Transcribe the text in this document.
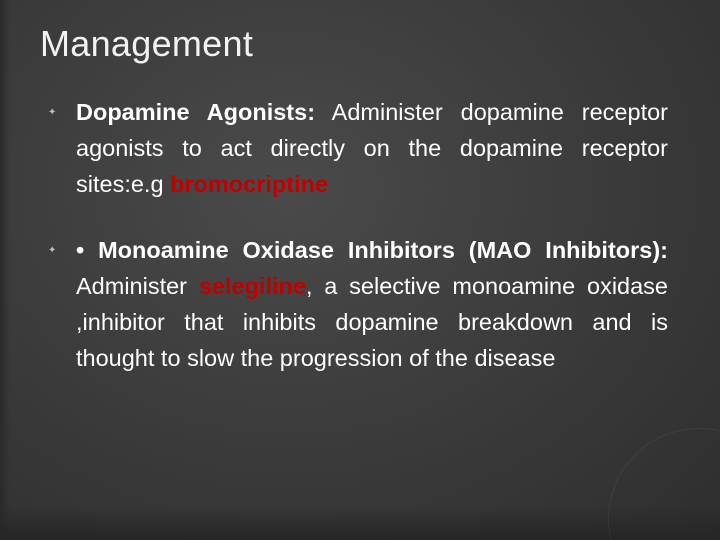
Management
✦ Dopamine Agonists: Administer dopamine receptor agonists to act directly on the dopamine receptor sites:e.g bromocriptine
✦ • Monoamine Oxidase Inhibitors (MAO Inhibitors): Administer selegiline, a selective monoamine oxidase ,inhibitor that inhibits dopamine breakdown and is thought to slow the progression of the disease
